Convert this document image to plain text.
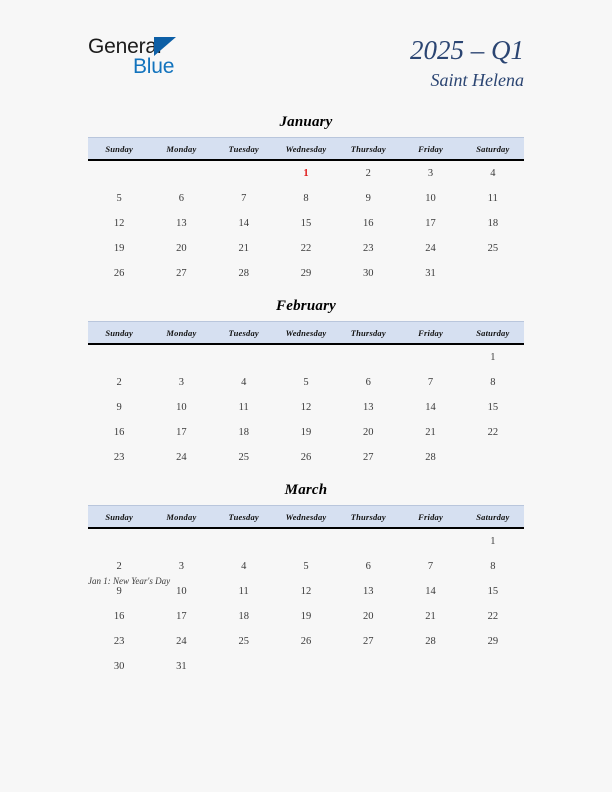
General
Blue
2025 – Q1
Saint Helena
January
Sunday	Monday	Tuesday	Wednesday	Thursday	Friday	Saturday
			1	2	3	4
5	6	7	8	9	10	11
12	13	14	15	16	17	18
19	20	21	22	23	24	25
26	27	28	29	30	31	
February
Sunday	Monday	Tuesday	Wednesday	Thursday	Friday	Saturday
						1
2	3	4	5	6	7	8
9	10	11	12	13	14	15
16	17	18	19	20	21	22
23	24	25	26	27	28	
March
Sunday	Monday	Tuesday	Wednesday	Thursday	Friday	Saturday
						1
2	3	4	5	6	7	8
9	10	11	12	13	14	15
16	17	18	19	20	21	22
23	24	25	26	27	28	29
30	31					
Jan 1: New Year's Day
